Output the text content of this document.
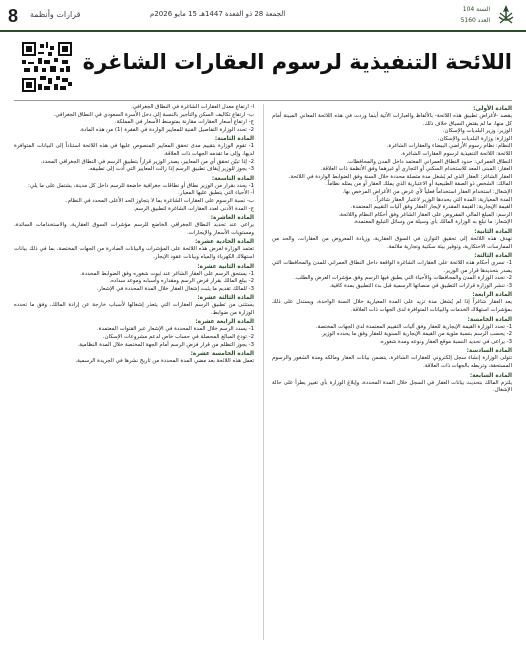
8 قرارات وأنظمة	الجمعة 28 ذو القعدة 1447هـ 15 مايو 2026م
السنة 104
العدد 5160
اللائحة التنفيذية لرسوم العقارات الشاغرة
المادة الأولى:
يقصد -لأغراض تطبيق هذه اللائحة- بالألفاظ والعبارات الآتية أينما وردت في هذه اللائحة المعاني المبينة أمام كل منها، ما لم يقتضِ السياق خلاف ذلك.
الوزير: وزير البلديات والإسكان.
الوزارة: وزارة البلديات والإسكان.
النظام: نظام رسوم الأراضي البيضاء والعقارات الشاغرة.
اللائحة: اللائحة التنفيذية لرسوم العقارات الشاغرة.
النطاق العمراني: حدود النطاق العمراني المعتمد داخل المدن والمحافظات.
العقار: المبنى المعد للاستخدام السكني أو التجاري أو غيرهما وفق الأنظمة ذات العلاقة.
العقار الشاغر: العقار الذي لم يُشغل مدة متصلة محددة خلال السنة وفق الضوابط الواردة في اللائحة.
المالك: الشخص ذو الصفة الطبيعية أو الاعتبارية الذي يملك العقار أو من يمثله نظاماً.
الإشغال: استخدام العقار استخداماً فعلياً لأي غرض من الأغراض المرخص بها.
المدة المعيارية: المدة التي يحددها الوزير لاعتبار العقار شاغراً.
القيمة الإيجارية: القيمة المقدرة لإيجار العقار وفق آليات التقييم المعتمدة.
الرسم: المبلغ المالي المفروض على العقار الشاغر وفق أحكام النظام واللائحة.
الإشعار: ما تبلغ به الوزارة المالك بأي وسيلة من وسائل التبليغ المعتمدة.
المادة الثانية:
تهدف هذه اللائحة إلى تحقيق التوازن في السوق العقارية، وزيادة المعروض من العقارات، والحد من الممارسات الاحتكارية، وتوفير بيئة سكنية وتجارية ملائمة.
المادة الثالثة:
1- تسري أحكام هذه اللائحة على العقارات الشاغرة الواقعة داخل النطاق العمراني للمدن والمحافظات التي يصدر بتحديدها قرار من الوزير.
2- تحدد الوزارة المدن والمحافظات والأحياء التي يطبق فيها الرسم وفق مؤشرات العرض والطلب.
3- تنشر الوزارة قرارات التطبيق في منصاتها الرسمية قبل بدء التطبيق بمدة كافية.
المادة الرابعة:
يعد العقار شاغراً إذا لم يُشغل مدة تزيد على المدة المعيارية خلال السنة الواحدة، ويستدل على ذلك بمؤشرات استهلاك الخدمات والبيانات المتوافرة لدى الجهات ذات العلاقة.
المادة الخامسة:
1- تحدد الوزارة القيمة الإيجارية للعقار وفق آليات التقييم المعتمدة لدى الجهات المختصة.
2- يحسب الرسم بنسبة مئوية من القيمة الإيجارية السنوية للعقار وفق ما يحدده الوزير.
3- يراعى في تحديد النسبة موقع العقار ونوعه ومدة شغوره.
المادة السادسة:
تتولى الوزارة إنشاء سجل إلكتروني للعقارات الشاغرة، يتضمن بيانات العقار ومالكه ومدة الشغور والرسوم المستحقة، وتربطه بالجهات ذات العلاقة.
المادة السابعة:
يلتزم المالك بتحديث بيانات العقار في السجل خلال المدة المحددة، وإبلاغ الوزارة بأي تغيير يطرأ على حالة الإشغال.
أ- ارتفاع معدل العقارات الشاغرة في النطاق الجغرافي.
ب- ارتفاع تكاليف السكن والتأجير بالنسبة إلى دخل الأسرة السعودي في النطاق الجغرافي.
ج- ارتفاع أسعار العقارات مقارنة بمتوسط الأسعار في المملكة.
2- تحدد الوزارة التفاصيل الفنية للمعايير الواردة في الفقرة (1) من هذه المادة.
المادة الثامنة:
1- تقوم الوزارة بتقييم مدى تحقق المعايير المنصوص عليها في هذه اللائحة استناداً إلى البيانات المتوافرة لديها، وإلى ما تقدمه الجهات ذات العلاقة.
2- إذا تبيّن تحقق أي من المعايير، يصدر الوزير قراراً بتطبيق الرسم في النطاق الجغرافي المحدد.
3- يجوز للوزير إيقاف تطبيق الرسم إذا زالت المعايير التي أدت إلى تطبيقه.
المادة التاسعة:
1- يحدد بقرار من الوزير نطاق أو نطاقات جغرافية خاضعة للرسم داخل كل مدينة، يشتمل على ما يلي:
أ- الأحياء التي ينطبق عليها المعيار.
ب- نسبة الرسوم على العقارات الشاغرة بما لا يتجاوز الحد الأعلى المحدد في النظام.
ج- المدة الأدنى لعدد العقارات الشاغرة لتطبيق الرسم.
المادة العاشرة:
يراعى عند تحديد النطاق الجغرافي الخاضع للرسم مؤشرات السوق العقارية، والاستخدامات السائدة، ومستويات الأسعار والإيجارات.
المادة الحادية عشرة:
تعتمد الوزارة لغرض هذه اللائحة على المؤشرات والبيانات الصادرة من الجهات المختصة، بما في ذلك بيانات استهلاك الكهرباء والمياه وبيانات عقود الإيجار.
المادة الثانية عشرة:
1- يستحق الرسم على العقار الشاغر عند ثبوت شغوره وفق الضوابط المحددة.
2- يبلغ المالك بقرار فرض الرسم ومقداره وأسبابه وموعد سداده.
3- للمالك تقديم ما يثبت إشغال العقار خلال المدة المحددة في الإشعار.
المادة الثالثة عشرة:
يستثنى من تطبيق الرسم العقارات التي يتعذر إشغالها لأسباب خارجة عن إرادة المالك، وفق ما تحدده الوزارة من ضوابط.
المادة الرابعة عشرة:
1- يسدد الرسم خلال المدة المحددة في الإشعار عبر القنوات المعتمدة.
2- تودع المبالغ المحصلة في حساب خاص لدعم مشروعات الإسكان.
3- يجوز التظلم من قرار فرض الرسم أمام الجهة المختصة خلال المدة النظامية.
المادة الخامسة عشرة:
تعمل هذه اللائحة بعد مضي المدة المحددة من تاريخ نشرها في الجريدة الرسمية.
